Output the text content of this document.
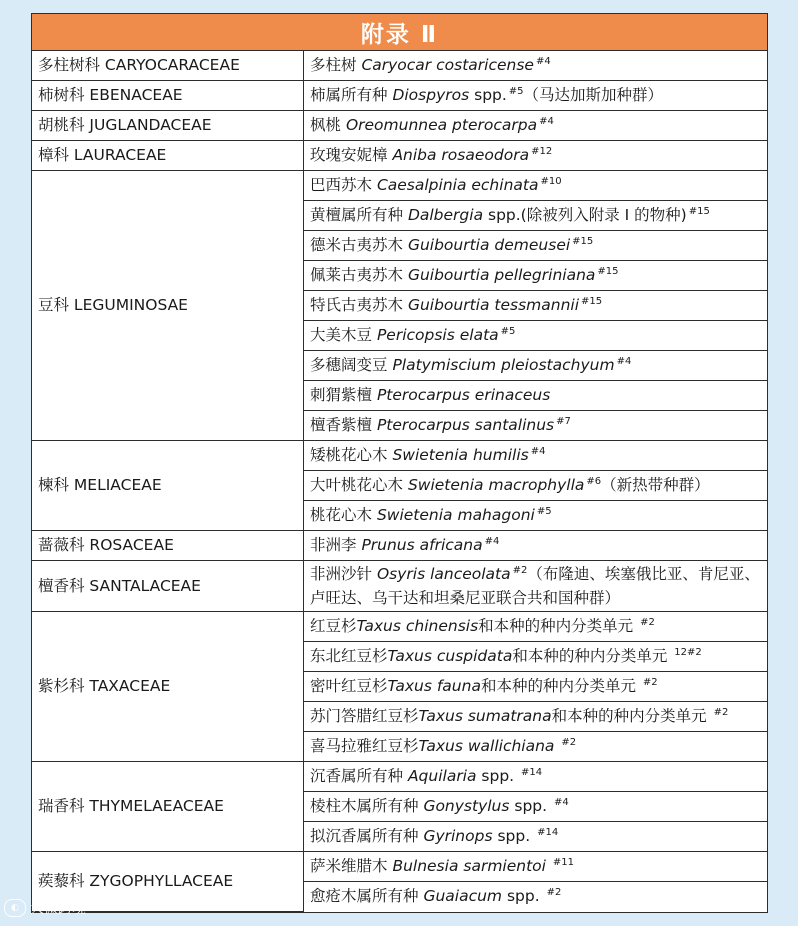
附录 Ⅱ
多柱树科 CARYOCARACEAE	多柱树 Caryocar costaricense $^{\#4}$
柿树科 EBENACEAE	柿属所有种 Diospyros spp. $^{\#5}$（马达加斯加种群）
胡桃科 JUGLANDACEAE	枫桃 Oreomunnea pterocarpa $^{\#4}$
樟科 LAURACEAE	玫瑰安妮樟 Aniba rosaeodora $^{\#12}$
豆科 LEGUMINOSAE	巴西苏木 Caesalpinia echinata $^{\#10}$
	黄檀属所有种 Dalbergia spp.(除被列入附录 Ⅰ 的物种) $^{\#15}$
	德米古夷苏木 Guibourtia demeusei $^{\#15}$
	佩莱古夷苏木 Guibourtia pellegriniana $^{\#15}$
	特氏古夷苏木 Guibourtia tessmannii $^{\#15}$
	大美木豆 Pericopsis elata $^{\#5}$
	多穗阔变豆 Platymiscium pleiostachyum $^{\#4}$
	刺猬紫檀 Pterocarpus erinaceus
	檀香紫檀 Pterocarpus santalinus $^{\#7}$
楝科 MELIACEAE	矮桃花心木 Swietenia humilis $^{\#4}$
	大叶桃花心木 Swietenia macrophylla $^{\#6}$（新热带种群）
	桃花心木 Swietenia mahagoni $^{\#5}$
蔷薇科 ROSACEAE	非洲李 Prunus africana $^{\#4}$
檀香科 SANTALACEAE	非洲沙针 Osyris lanceolata $^{\#2}$（布隆迪、埃塞俄比亚、肯尼亚、卢旺达、乌干达和坦桑尼亚联合共和国种群）
紫杉科 TAXACEAE	红豆杉Taxus chinensis和本种的种内分类单元 $^{\#2}$
	东北红豆杉Taxus cuspidata和本种的种内分类单元 $^{12\#2}$
	密叶红豆杉Taxus fauna和本种的种内分类单元 $^{\#2}$
	苏门答腊红豆杉Taxus sumatrana和本种的种内分类单元 $^{\#2}$
	喜马拉雅红豆杉Taxus wallichiana $^{\#2}$
瑞香科 THYMELAEACEAE	沉香属所有种 Aquilaria spp. $^{\#14}$
	棱柱木属所有种 Gonystylus spp. $^{\#4}$
	拟沉香属所有种 Gyrinops spp. $^{\#14}$
蒺藜科 ZYGOPHYLLACEAE	萨米维腊木 Bulnesia sarmientoi $^{\#11}$
	愈疮木属所有种 Guaiacum spp. $^{\#2}$
◐ 大微跨境
